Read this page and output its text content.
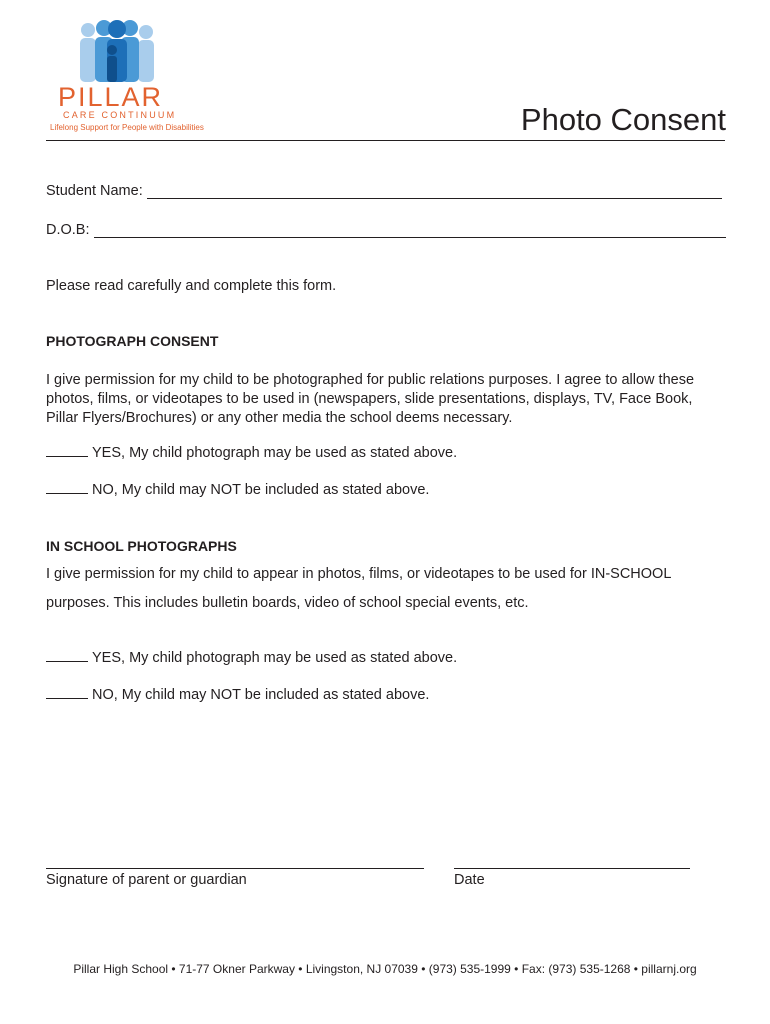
PILLAR
CARE CONTINUUM
Lifelong Support for People with Disabilities	Photo Consent
Student Name:
D.O.B:
Please read carefully and complete this form.
PHOTOGRAPH CONSENT
I give permission for my child to be photographed for public relations purposes. I agree to allow these
photos, films, or videotapes to be used in (newspapers, slide presentations, displays, TV, Face Book,
Pillar Flyers/Brochures) or any other media the school deems necessary.
YES, My child photograph may be used as stated above.
NO, My child may NOT be included as stated above.
IN SCHOOL PHOTOGRAPHS
I give permission for my child to appear in photos, films, or videotapes to be used for IN-SCHOOL
purposes. This includes bulletin boards, video of school special events, etc.
YES, My child photograph may be used as stated above.
NO, My child may NOT be included as stated above.
Signature of parent or guardian	Date
Pillar High School • 71-77 Okner Parkway • Livingston, NJ 07039 • (973) 535-1999 • Fax: (973) 535-1268 • pillarnj.org
